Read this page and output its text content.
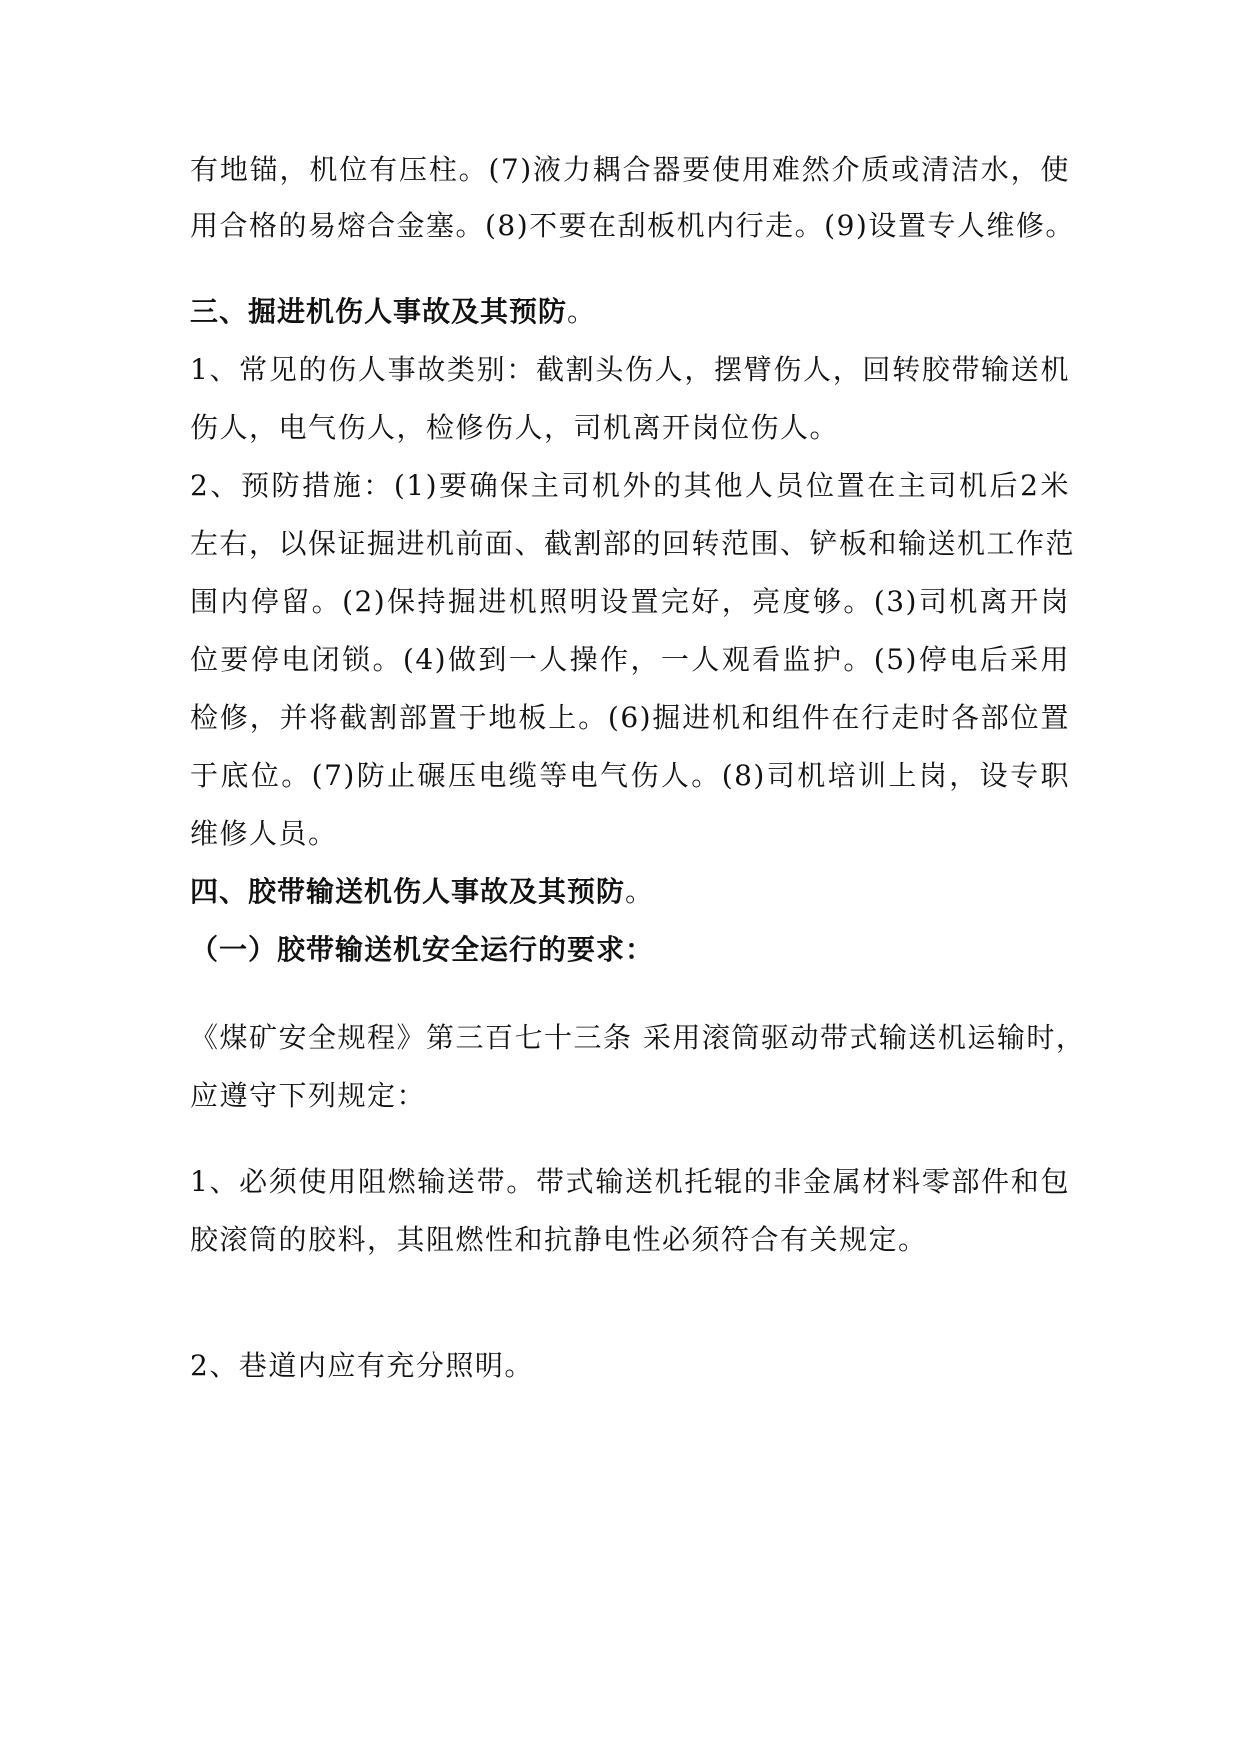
有地锚，机位有压柱。(7)液力耦合器要使用难然介质或清洁水，使
用合格的易熔合金塞。(8)不要在刮板机内行走。(9)设置专人维修。
三、掘进机伤人事故及其预防。
1、常见的伤人事故类别：截割头伤人，摆臂伤人，回转胶带输送机
伤人，电气伤人，检修伤人，司机离开岗位伤人。
2、预防措施：(1)要确保主司机外的其他人员位置在主司机后2米
左右，以保证掘进机前面、截割部的回转范围、铲板和输送机工作范
围内停留。(2)保持掘进机照明设置完好，亮度够。(3)司机离开岗
位要停电闭锁。(4)做到一人操作，一人观看监护。(5)停电后采用
检修，并将截割部置于地板上。(6)掘进机和组件在行走时各部位置
于底位。(7)防止碾压电缆等电气伤人。(8)司机培训上岗，设专职
维修人员。
四、胶带输送机伤人事故及其预防。
（一）胶带输送机安全运行的要求：
《煤矿安全规程》第三百七十三条 采用滚筒驱动带式输送机运输时，
应遵守下列规定：
1、必须使用阻燃输送带。带式输送机托辊的非金属材料零部件和包
胶滚筒的胶料，其阻燃性和抗静电性必须符合有关规定。
2、巷道内应有充分照明。
